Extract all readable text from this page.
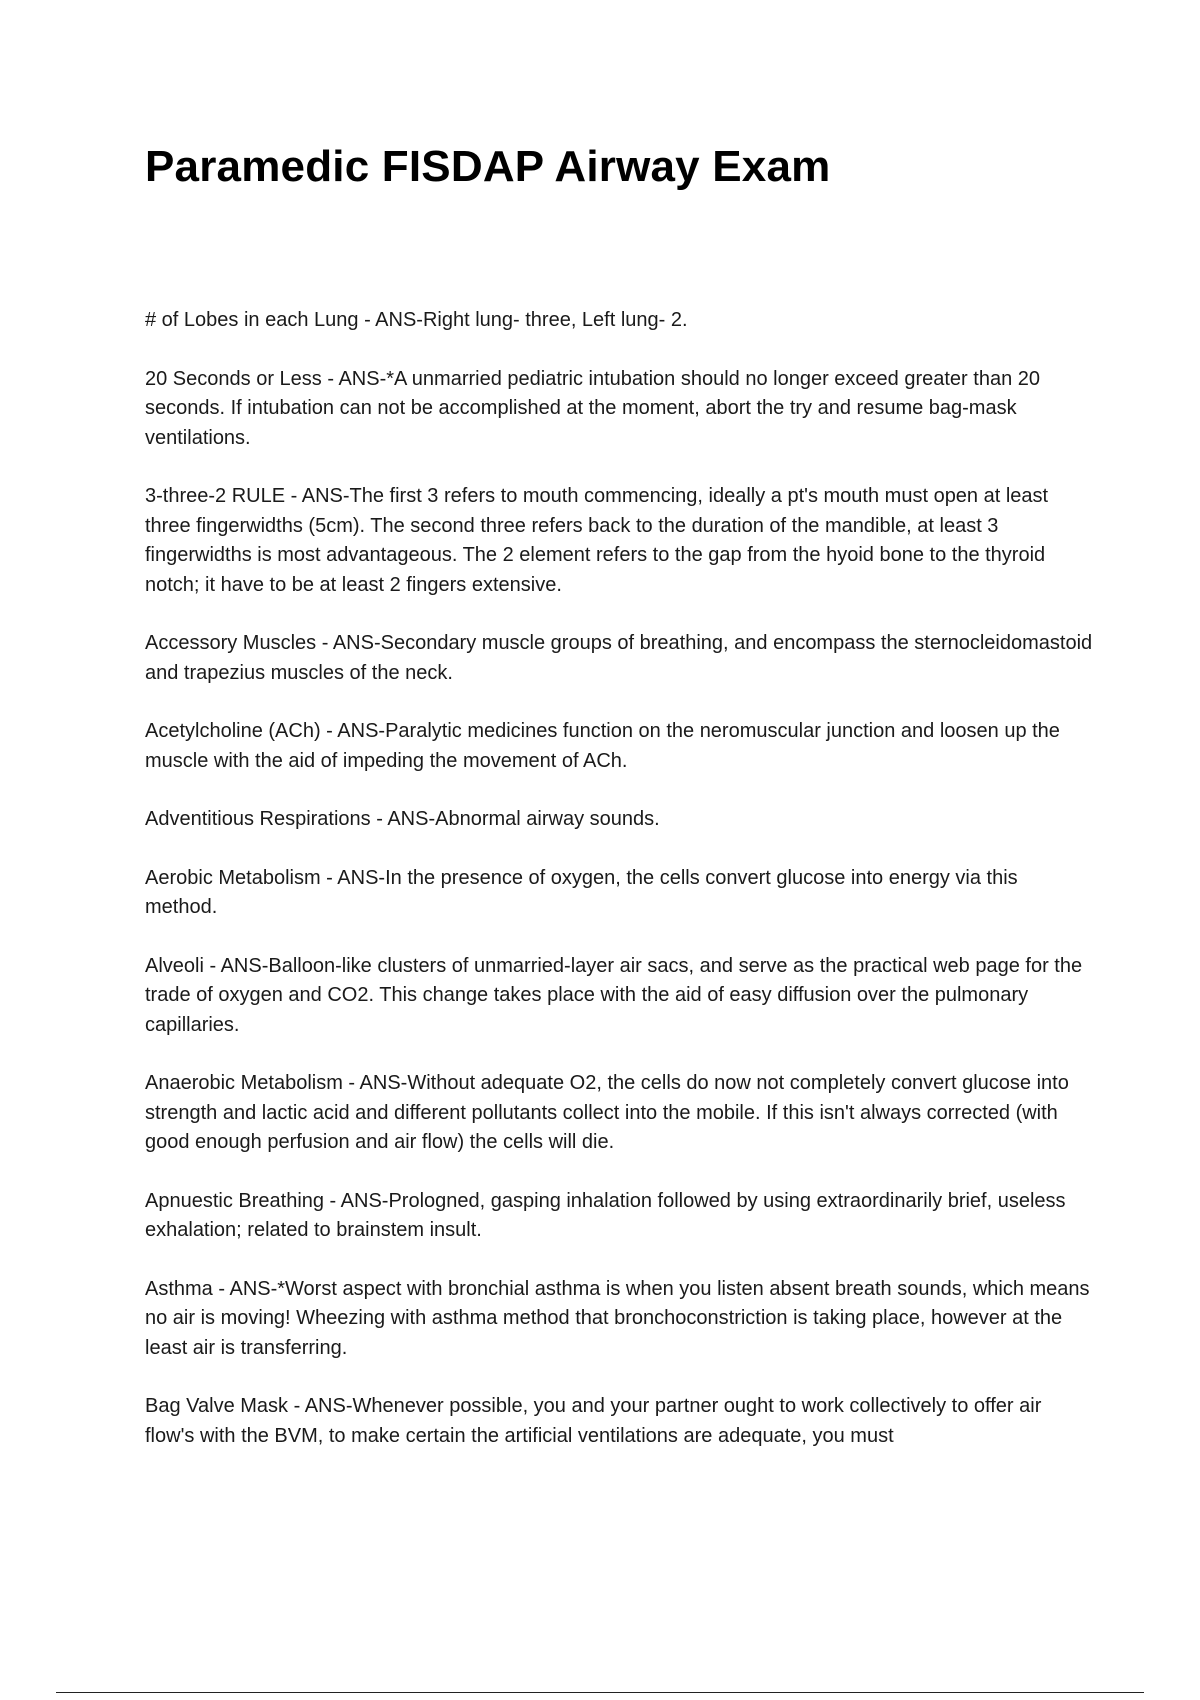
Paramedic FISDAP Airway Exam

# of Lobes in each Lung - ANS-Right lung- three, Left lung- 2.

20 Seconds or Less - ANS-*A unmarried pediatric intubation should no longer exceed greater than 20 seconds. If intubation can not be accomplished at the moment, abort the try and resume bag-mask ventilations.

3-three-2 RULE - ANS-The first 3 refers to mouth commencing, ideally a pt's mouth must open at least three fingerwidths (5cm). The second three refers back to the duration of the mandible, at least 3 fingerwidths is most advantageous. The 2 element refers to the gap from the hyoid bone to the thyroid notch; it have to be at least 2 fingers extensive.

Accessory Muscles - ANS-Secondary muscle groups of breathing, and encompass the sternocleidomastoid and trapezius muscles of the neck.

Acetylcholine (ACh) - ANS-Paralytic medicines function on the neromuscular junction and loosen up the muscle with the aid of impeding the movement of ACh.

Adventitious Respirations - ANS-Abnormal airway sounds.

Aerobic Metabolism - ANS-In the presence of oxygen, the cells convert glucose into energy via this method.

Alveoli - ANS-Balloon-like clusters of unmarried-layer air sacs, and serve as the practical web page for the trade of oxygen and CO2. This change takes place with the aid of easy diffusion over the pulmonary capillaries.

Anaerobic Metabolism - ANS-Without adequate O2, the cells do now not completely convert glucose into strength and lactic acid and different pollutants collect into the mobile. If this isn't always corrected (with good enough perfusion and air flow) the cells will die.

Apnuestic Breathing - ANS-Prologned, gasping inhalation followed by using extraordinarily brief, useless exhalation; related to brainstem insult.

Asthma - ANS-*Worst aspect with bronchial asthma is when you listen absent breath sounds, which means no air is moving! Wheezing with asthma method that bronchoconstriction is taking place, however at the least air is transferring.

Bag Valve Mask - ANS-Whenever possible, you and your partner ought to work collectively to offer air flow's with the BVM, to make certain the artificial ventilations are adequate, you must
